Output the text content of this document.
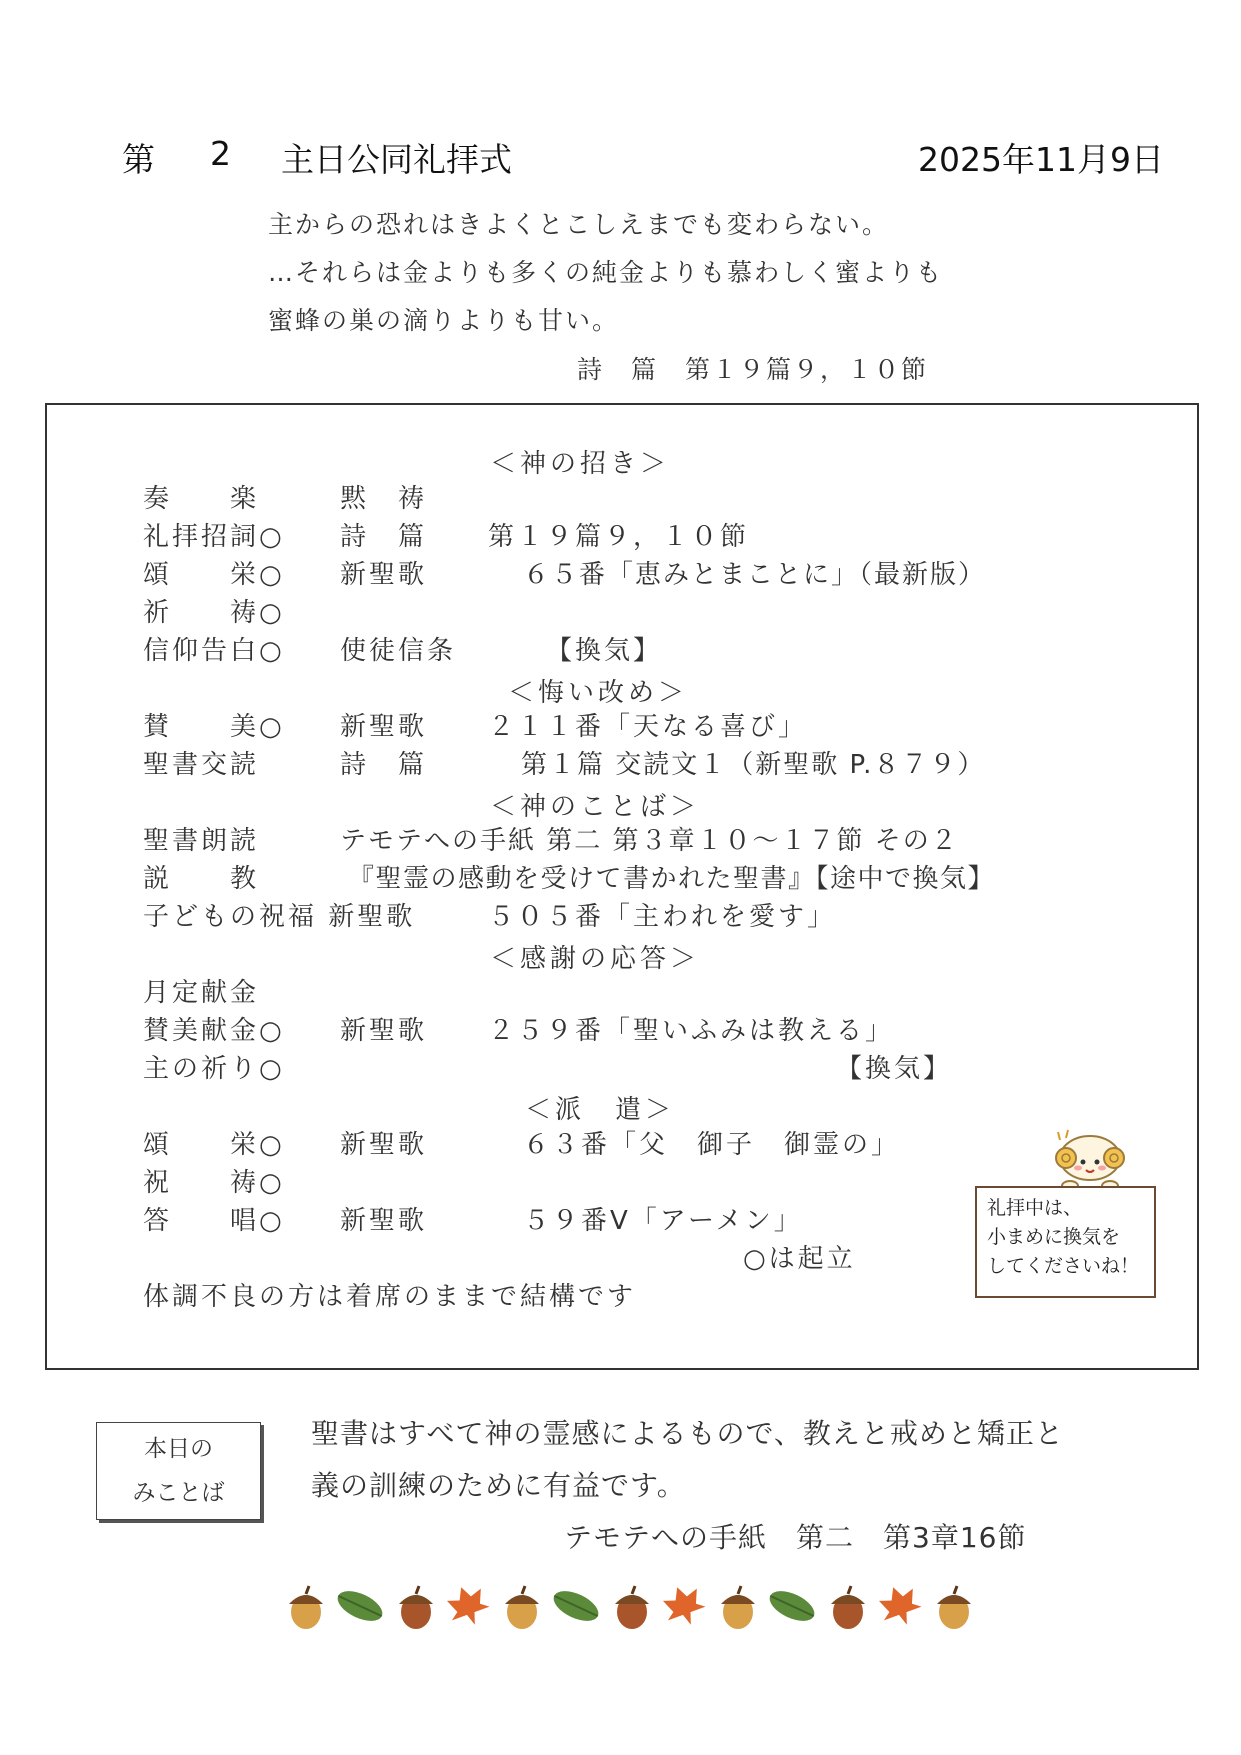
第 2 主日公同礼拝式	2025年11月9日
主からの恐れはきよくとこしえまでも変わらない。
…それらは金よりも多くの純金よりも慕わしく蜜よりも
蜜蜂の巣の滴りよりも甘い。
詩　篇　第１９篇９，１０節
＜神の招き＞
奏　　楽	黙　祷
礼拝招詞○ 詩　篇 第１９篇９，１０節
頌　　栄○ 新聖歌	６５番「恵みとまことに」（最新版）
祈　　祷○
信仰告白○ 使徒信条	【換気】
＜悔い改め＞
賛　　美○ 新聖歌 ２１１番「天なる喜び」
聖書交読	詩　篇	第１篇 交読文１（新聖歌 P.８７９）
＜神のことば＞
聖書朗読	テモテへの手紙 第二 第３章１０～１７節 その２
説　　教	『聖霊の感動を受けて書かれた聖書』【途中で換気】
子どもの祝福 新聖歌	５０５番「主われを愛す」
＜感謝の応答＞
月定献金
賛美献金○ 新聖歌 ２５９番「聖いふみは教える」
主の祈り○	【換気】
＜派　遣＞
頌　　栄○ 新聖歌	６３番「父　御子　御霊の」
祝　　祷○
答　　唱○ 新聖歌	５９番Ⅴ「アーメン」
○は起立
体調不良の方は着席のままで結構です
礼拝中は、
小まめに換気を
してくださいね！
本日の
みことば
聖書はすべて神の霊感によるもので、教えと戒めと矯正と
義の訓練のために有益です。
テモテへの手紙　第二　第3章16節
